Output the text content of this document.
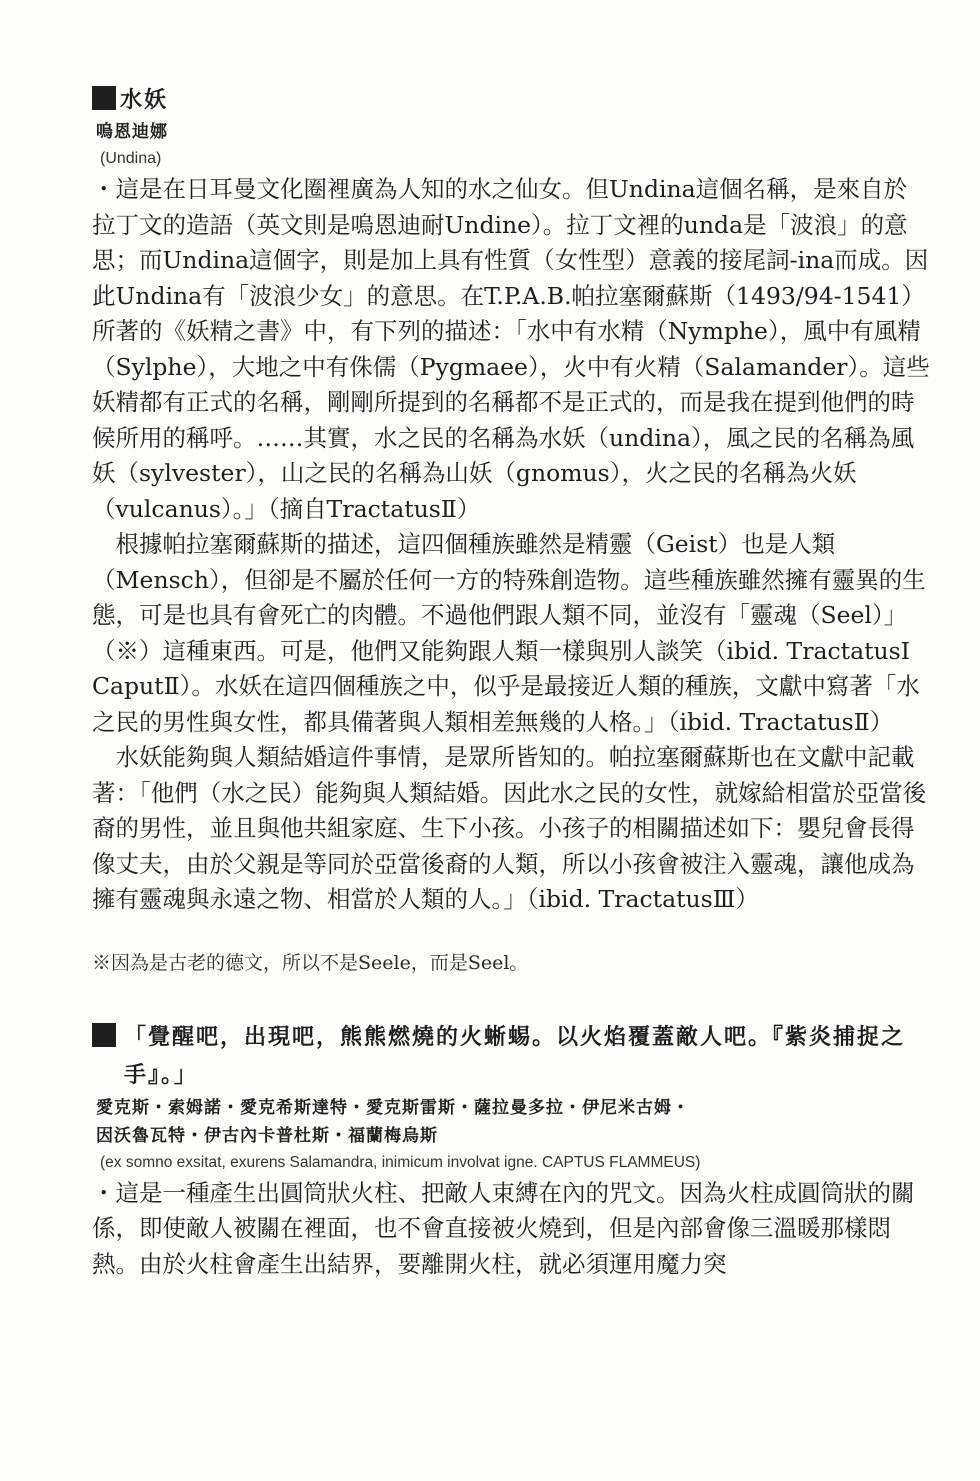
水妖
嗚恩迪娜
(Undina)

・這是在日耳曼文化圈裡廣為人知的水之仙女。但Undina這個名稱，是來自於拉丁文的造語（英文則是嗚恩迪耐Undine）。拉丁文裡的unda是「波浪」的意思；而Undina這個字，則是加上具有性質（女性型）意義的接尾詞-ina而成。因此Undina有「波浪少女」的意思。在T.P.A.B.帕拉塞爾蘇斯（1493/94-1541）所著的《妖精之書》中，有下列的描述：「水中有水精（Nymphe），風中有風精（Sylphe），大地之中有侏儒（Pygmaee），火中有火精（Salamander）。這些妖精都有正式的名稱，剛剛所提到的名稱都不是正式的，而是我在提到他們的時候所用的稱呼。……其實，水之民的名稱為水妖（undina），風之民的名稱為風妖（sylvester），山之民的名稱為山妖（gnomus），火之民的名稱為火妖（vulcanus）。」（摘自TractatusⅡ）

根據帕拉塞爾蘇斯的描述，這四個種族雖然是精靈（Geist）也是人類（Mensch），但卻是不屬於任何一方的特殊創造物。這些種族雖然擁有靈異的生態，可是也具有會死亡的肉體。不過他們跟人類不同，並沒有「靈魂（Seel）」（※）這種東西。可是，他們又能夠跟人類一樣與別人談笑（ibid. TractatusⅠ CaputⅡ）。水妖在這四個種族之中，似乎是最接近人類的種族，文獻中寫著「水之民的男性與女性，都具備著與人類相差無幾的人格。」（ibid. TractatusⅡ）

水妖能夠與人類結婚這件事情，是眾所皆知的。帕拉塞爾蘇斯也在文獻中記載著：「他們（水之民）能夠與人類結婚。因此水之民的女性，就嫁給相當於亞當後裔的男性，並且與他共組家庭、生下小孩。小孩子的相關描述如下：嬰兒會長得像丈夫，由於父親是等同於亞當後裔的人類，所以小孩會被注入靈魂，讓他成為擁有靈魂與永遠之物、相當於人類的人。」（ibid. TractatusⅢ）

※因為是古老的德文，所以不是Seele，而是Seel。
「覺醒吧，出現吧，熊熊燃燒的火蜥蜴。以火焰覆蓋敵人吧。『紫炎捕捉之手』。」
愛克斯・索姆諾・愛克希斯達特・愛克斯雷斯・薩拉曼多拉・伊尼米古姆・
因沃魯瓦特・伊古內卡普杜斯・福蘭梅烏斯
(ex somno exsitat, exurens Salamandra, inimicum involvat igne. CAPTUS FLAMMEUS)

・這是一種產生出圓筒狀火柱、把敵人束縛在內的咒文。因為火柱成圓筒狀的關係，即使敵人被關在裡面，也不會直接被火燒到，但是內部會像三溫暖那樣悶熱。由於火柱會產生出結界，要離開火柱，就必須運用魔力突
